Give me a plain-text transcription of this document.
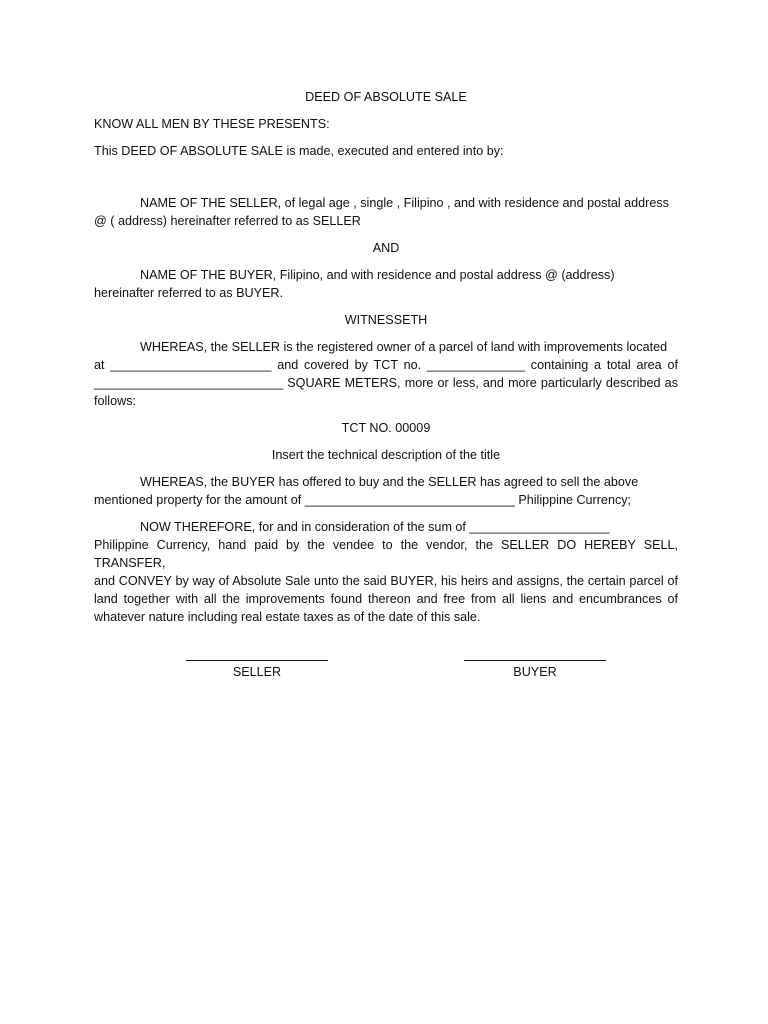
DEED OF ABSOLUTE SALE

KNOW ALL MEN BY THESE PRESENTS:

This DEED OF ABSOLUTE SALE is made, executed and entered into by:

NAME OF THE SELLER, of legal age , single , Filipino , and with residence and postal address

@ ( address) hereinafter referred to as SELLER

AND

NAME OF THE BUYER, Filipino, and with residence and postal address @ (address)

hereinafter referred to as BUYER.

WITNESSETH

WHEREAS, the SELLER is the registered owner of a parcel of land with improvements located

at _______________________ and covered by TCT no. ______________ containing a total area of

___________________________ SQUARE METERS, more or less, and more particularly described as

follows:

TCT NO. 00009

Insert the technical description of the title

WHEREAS, the BUYER has offered to buy and the SELLER has agreed to sell the above

mentioned property for the amount of ______________________________ Philippine Currency;

NOW THEREFORE, for and in consideration of the sum of ____________________

Philippine Currency, hand paid by the vendee to the vendor, the SELLER DO HEREBY SELL, TRANSFER,

and CONVEY by way of Absolute Sale unto the said BUYER, his heirs and assigns, the certain parcel of

land together with all the improvements found thereon and free from all liens and encumbrances of

whatever nature including real estate taxes as of the date of this sale.

SELLER	BUYER
